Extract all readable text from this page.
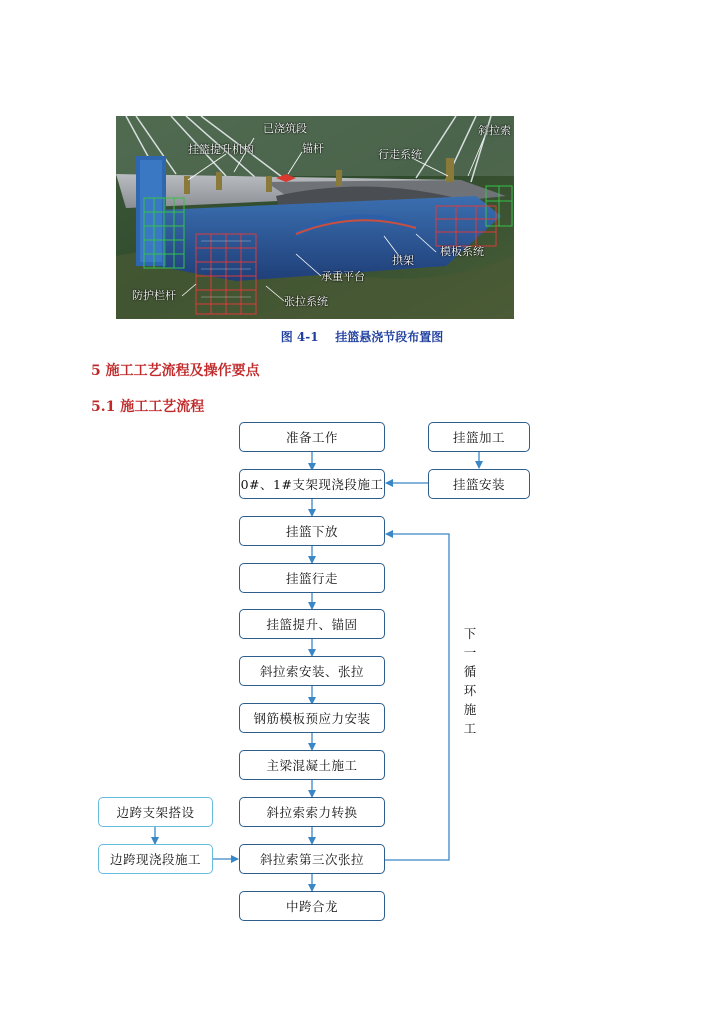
已浇筑段
挂篮提升机构	锚杆	行走系统
斜拉索
模板系统
拱架
承重平台
防护栏杆	张拉系统
图 4-1    挂篮悬浇节段布置图
5 施工工艺流程及操作要点
5.1 施工工艺流程
准备工作
0#、1#支架现浇段施工
挂篮下放
挂篮行走
挂篮提升、锚固
斜拉索安装、张拉
钢筋模板预应力安装
主梁混凝土施工
斜拉索索力转换
斜拉索第三次张拉
中跨合龙
挂篮加工
挂篮安装
边跨支架搭设
边跨现浇段施工
下一循环施工
